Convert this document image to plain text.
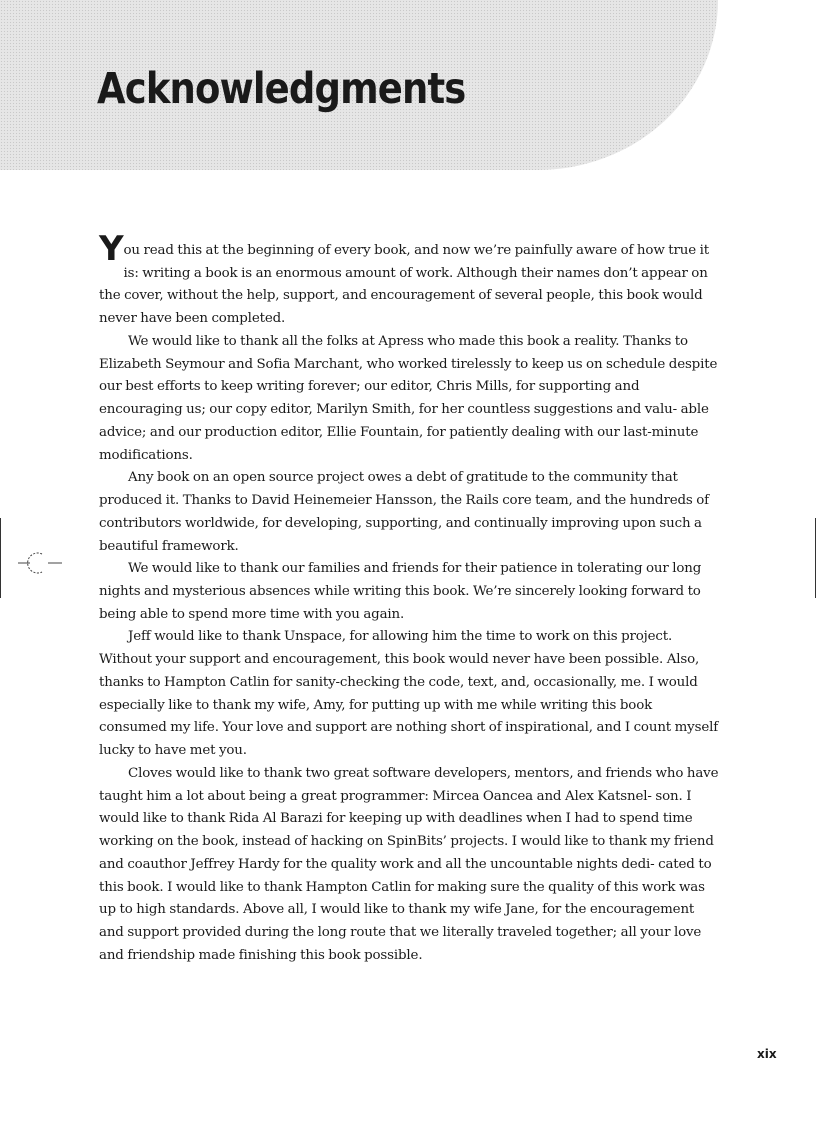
Acknowledgments

You read this at the beginning of every book, and now we’re painfully aware of how true it is: writing a book is an enormous amount of work. Although their names don’t appear on the cover, without the help, support, and encouragement of several people, this book would never have been completed.

We would like to thank all the folks at Apress who made this book a reality. Thanks to Elizabeth Seymour and Sofia Marchant, who worked tirelessly to keep us on schedule despite our best efforts to keep writing forever; our editor, Chris Mills, for supporting and encouraging us; our copy editor, Marilyn Smith, for her countless suggestions and valu- able advice; and our production editor, Ellie Fountain, for patiently dealing with our last-minute modifications.

Any book on an open source project owes a debt of gratitude to the community that produced it. Thanks to David Heinemeier Hansson, the Rails core team, and the hundreds of contributors worldwide, for developing, supporting, and continually improving upon such a beautiful framework.

We would like to thank our families and friends for their patience in tolerating our long nights and mysterious absences while writing this book. We’re sincerely looking forward to being able to spend more time with you again.

Jeff would like to thank Unspace, for allowing him the time to work on this project. Without your support and encouragement, this book would never have been possible. Also, thanks to Hampton Catlin for sanity-checking the code, text, and, occasionally, me. I would especially like to thank my wife, Amy, for putting up with me while writing this book consumed my life. Your love and support are nothing short of inspirational, and I count myself lucky to have met you.

Cloves would like to thank two great software developers, mentors, and friends who have taught him a lot about being a great programmer: Mircea Oancea and Alex Katsnel- son. I would like to thank Rida Al Barazi for keeping up with deadlines when I had to spend time working on the book, instead of hacking on SpinBits’ projects. I would like to thank my friend and coauthor Jeffrey Hardy for the quality work and all the uncountable nights dedi- cated to this book. I would like to thank Hampton Catlin for making sure the quality of this work was up to high standards. Above all, I would like to thank my wife Jane, for the encouragement and support provided during the long route that we literally traveled together; all your love and friendship made finishing this book possible.

xix
